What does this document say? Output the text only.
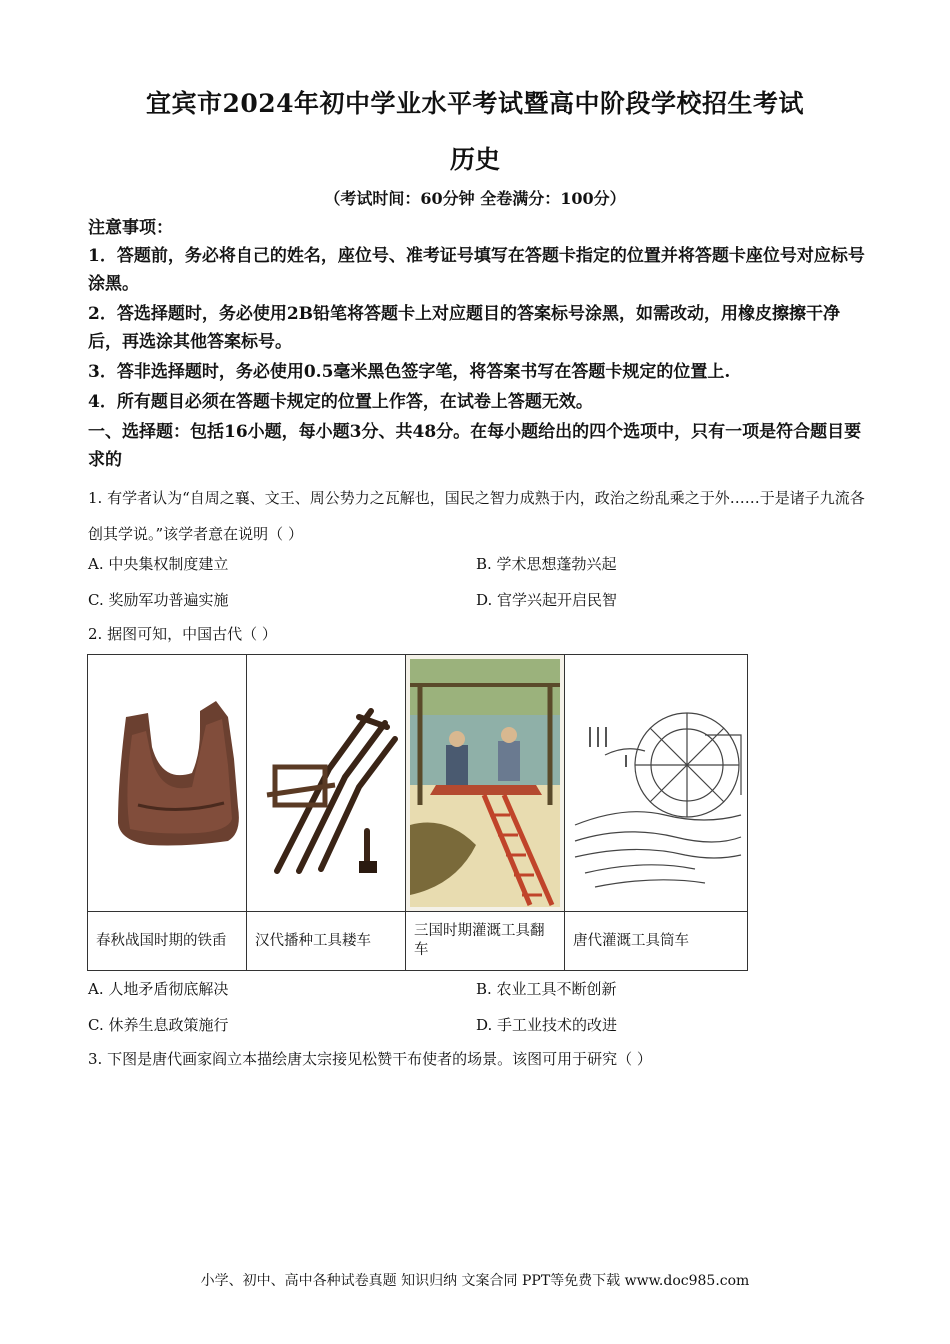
宜宾市2024年初中学业水平考试暨高中阶段学校招生考试
历史
（考试时间：60分钟 全卷满分：100分）
注意事项：
1．答题前，务必将自己的姓名，座位号、准考证号填写在答题卡指定的位置并将答题卡座位号对应标号涂黑。
2．答选择题时，务必使用2B铅笔将答题卡上对应题目的答案标号涂黑，如需改动，用橡皮擦擦干净后，再选涂其他答案标号。
3．答非选择题时，务必使用0.5毫米黑色签字笔，将答案书写在答题卡规定的位置上.
4．所有题目必须在答题卡规定的位置上作答，在试卷上答题无效。
一、选择题：包括16小题，每小题3分、共48分。在每小题给出的四个选项中，只有一项是符合题目要求的
1. 有学者认为“自周之襄、文王、周公势力之瓦解也，国民之智力成熟于内，政治之纷乱乘之于外……于是诸子九流各创其学说。”该学者意在说明（ ）
A. 中央集权制度建立	B. 学术思想蓬勃兴起
C. 奖励军功普遍实施	D. 官学兴起开启民智
2. 据图可知，中国古代（ ）

春秋战国时期的铁臿	汉代播种工具耧车	三国时期灌溉工具翻车	唐代灌溉工具筒车
A. 人地矛盾彻底解决	B. 农业工具不断创新
C. 休养生息政策施行	D. 手工业技术的改进
3. 下图是唐代画家阎立本描绘唐太宗接见松赞干布使者的场景。该图可用于研究（ ）
小学、初中、高中各种试卷真题 知识归纳 文案合同 PPT等免费下载 www.doc985.com
